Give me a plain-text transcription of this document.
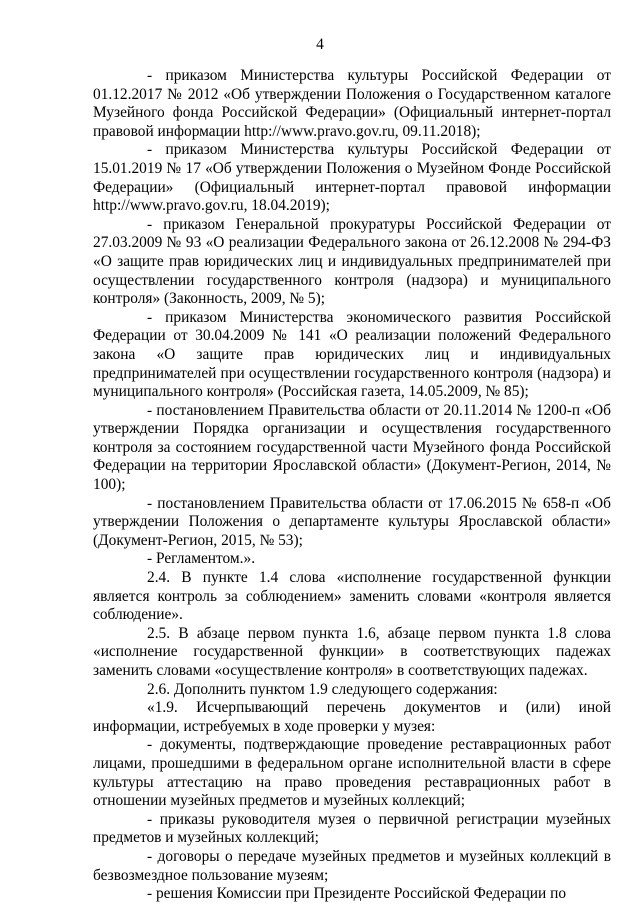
4

- приказом Министерства культуры Российской Федерации от 01.12.2017 № 2012 «Об утверждении Положения о Государственном каталоге Музейного фонда Российской Федерации» (Официальный интернет-портал правовой информации http://www.pravo.gov.ru, 09.11.2018);

- приказом Министерства культуры Российской Федерации от 15.01.2019 № 17 «Об утверждении Положения о Музейном Фонде Российской Федерации» (Официальный интернет-портал правовой информации http://www.pravo.gov.ru, 18.04.2019);

- приказом Генеральной прокуратуры Российской Федерации от 27.03.2009 № 93 «О реализации Федерального закона от 26.12.2008 № 294-ФЗ «О защите прав юридических лиц и индивидуальных предпринимателей при осуществлении государственного контроля (надзора) и муниципального контроля» (Законность, 2009, № 5);

- приказом Министерства экономического развития Российской Федерации от 30.04.2009 № 141 «О реализации положений Федерального закона «О защите прав юридических лиц и индивидуальных предпринимателей при осуществлении государственного контроля (надзора) и муниципального контроля» (Российская газета, 14.05.2009, № 85);

- постановлением Правительства области от 20.11.2014 № 1200-п «Об утверждении Порядка организации и осуществления государственного контроля за состоянием государственной части Музейного фонда Российской Федерации на территории Ярославской области» (Документ-Регион, 2014, № 100);

- постановлением Правительства области от 17.06.2015 № 658-п «Об утверждении Положения о департаменте культуры Ярославской области» (Документ-Регион, 2015, № 53);

- Регламентом.».

2.4. В пункте 1.4 слова «исполнение государственной функции является контроль за соблюдением» заменить словами «контроля является соблюдение».

2.5. В абзаце первом пункта 1.6, абзаце первом пункта 1.8 слова «исполнение государственной функции» в соответствующих падежах заменить словами «осуществление контроля» в соответствующих падежах.

2.6. Дополнить пунктом 1.9 следующего содержания:

«1.9. Исчерпывающий перечень документов и (или) иной информации, истребуемых в ходе проверки у музея:

- документы, подтверждающие проведение реставрационных работ лицами, прошедшими в федеральном органе исполнительной власти в сфере культуры аттестацию на право проведения реставрационных работ в отношении музейных предметов и музейных коллекций;

- приказы руководителя музея о первичной регистрации музейных предметов и музейных коллекций;

- договоры о передаче музейных предметов и музейных коллекций в безвозмездное пользование музеям;

- решения Комиссии при Президенте Российской Федерации по
